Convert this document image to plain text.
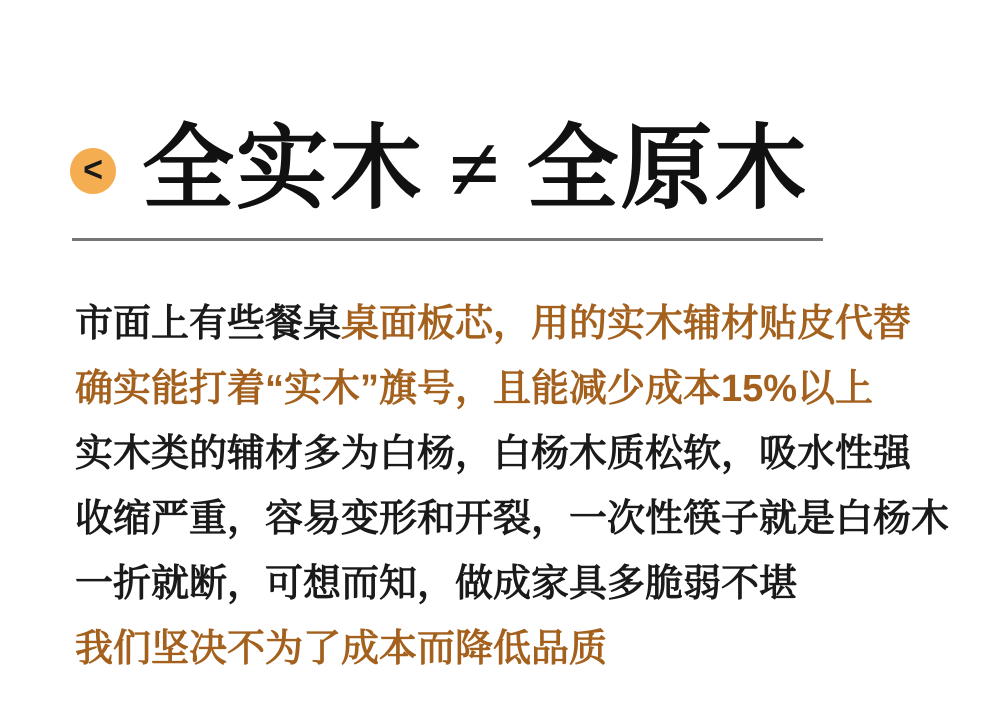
< 全实木 ≠ 全原木

市面上有些餐桌桌面板芯，用的实木辅材贴皮代替

确实能打着“实木”旗号，且能减少成本15%以上

实木类的辅材多为白杨，白杨木质松软，吸水性强

收缩严重，容易变形和开裂，一次性筷子就是白杨木

一折就断，可想而知，做成家具多脆弱不堪

我们坚决不为了成本而降低品质
